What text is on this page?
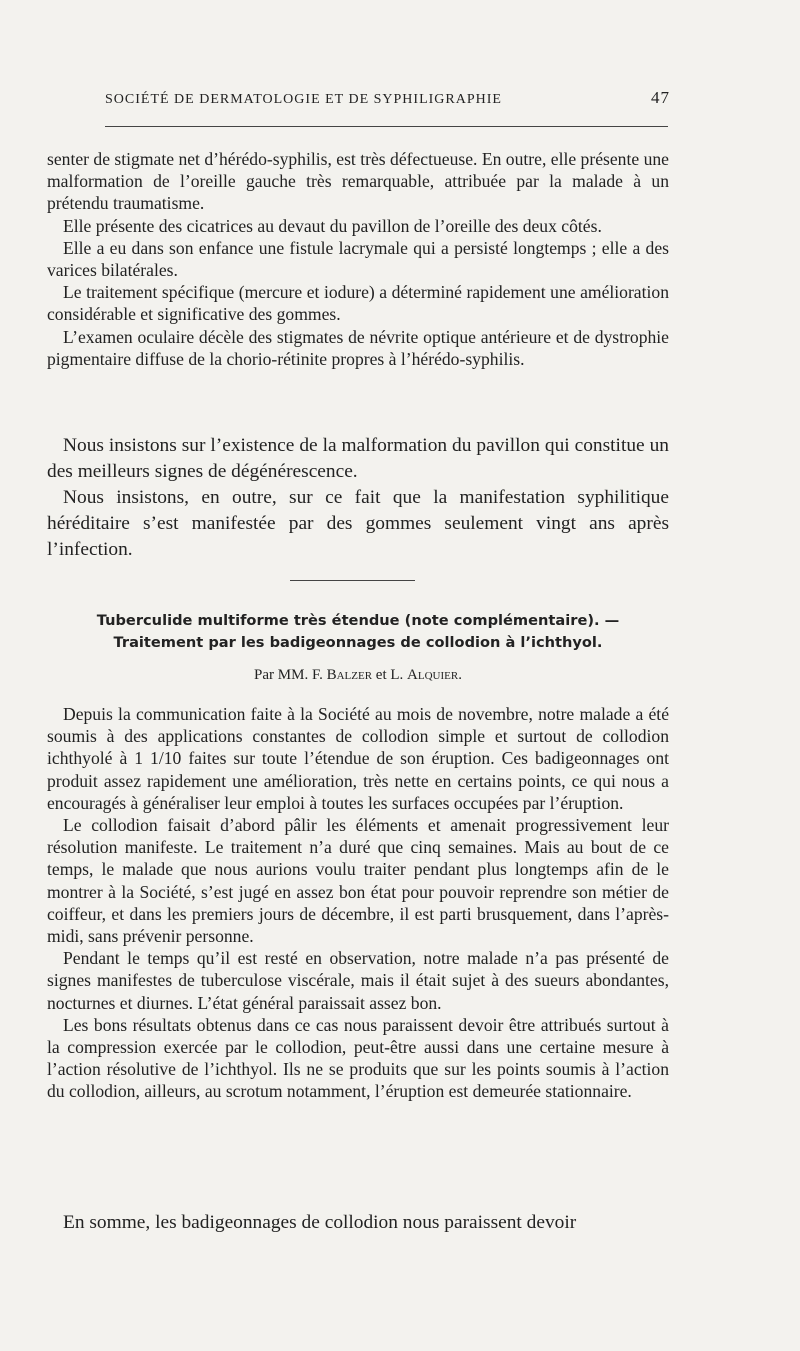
SOCIÉTÉ DE DERMATOLOGIE ET DE SYPHILIGRAPHIE	47

senter de stigmate net d’hérédo-syphilis, est très défectueuse. En outre, elle présente une malformation de l’oreille gauche très remarquable, attribuée par la malade à un prétendu traumatisme.

Elle présente des cicatrices au devaut du pavillon de l’oreille des deux côtés.

Elle a eu dans son enfance une fistule lacrymale qui a persisté longtemps ; elle a des varices bilatérales.

Le traitement spécifique (mercure et iodure) a déterminé rapidement une amélioration considérable et significative des gommes.

L’examen oculaire décèle des stigmates de névrite optique antérieure et de dystrophie pigmentaire diffuse de la chorio-rétinite propres à l’hérédo-syphilis.

Nous insistons sur l’existence de la malformation du pavillon qui constitue un des meilleurs signes de dégénérescence.

Nous insistons, en outre, sur ce fait que la manifestation syphilitique héréditaire s’est manifestée par des gommes seulement vingt ans après l’infection.

Tuberculide multiforme très étendue (note complémentaire). —
Traitement par les badigeonnages de collodion à l’ichthyol.
Par MM. F. Balzer et L. Alquier.

Depuis la communication faite à la Société au mois de novembre, notre malade a été soumis à des applications constantes de collodion simple et surtout de collodion ichthyolé à 1 1/10 faites sur toute l’étendue de son éruption. Ces badigeonnages ont produit assez rapidement une amélioration, très nette en certains points, ce qui nous a encouragés à généraliser leur emploi à toutes les surfaces occupées par l’éruption.

Le collodion faisait d’abord pâlir les éléments et amenait progressivement leur résolution manifeste. Le traitement n’a duré que cinq semaines. Mais au bout de ce temps, le malade que nous aurions voulu traiter pendant plus longtemps afin de le montrer à la Société, s’est jugé en assez bon état pour pouvoir reprendre son métier de coiffeur, et dans les premiers jours de décembre, il est parti brusquement, dans l’après-midi, sans prévenir personne.

Pendant le temps qu’il est resté en observation, notre malade n’a pas présenté de signes manifestes de tuberculose viscérale, mais il était sujet à des sueurs abondantes, nocturnes et diurnes. L’état général paraissait assez bon.

Les bons résultats obtenus dans ce cas nous paraissent devoir être attribués surtout à la compression exercée par le collodion, peut-être aussi dans une certaine mesure à l’action résolutive de l’ichthyol. Ils ne se produits que sur les points soumis à l’action du collodion, ailleurs, au scrotum notamment, l’éruption est demeurée stationnaire.

En somme, les badigeonnages de collodion nous paraissent devoir
